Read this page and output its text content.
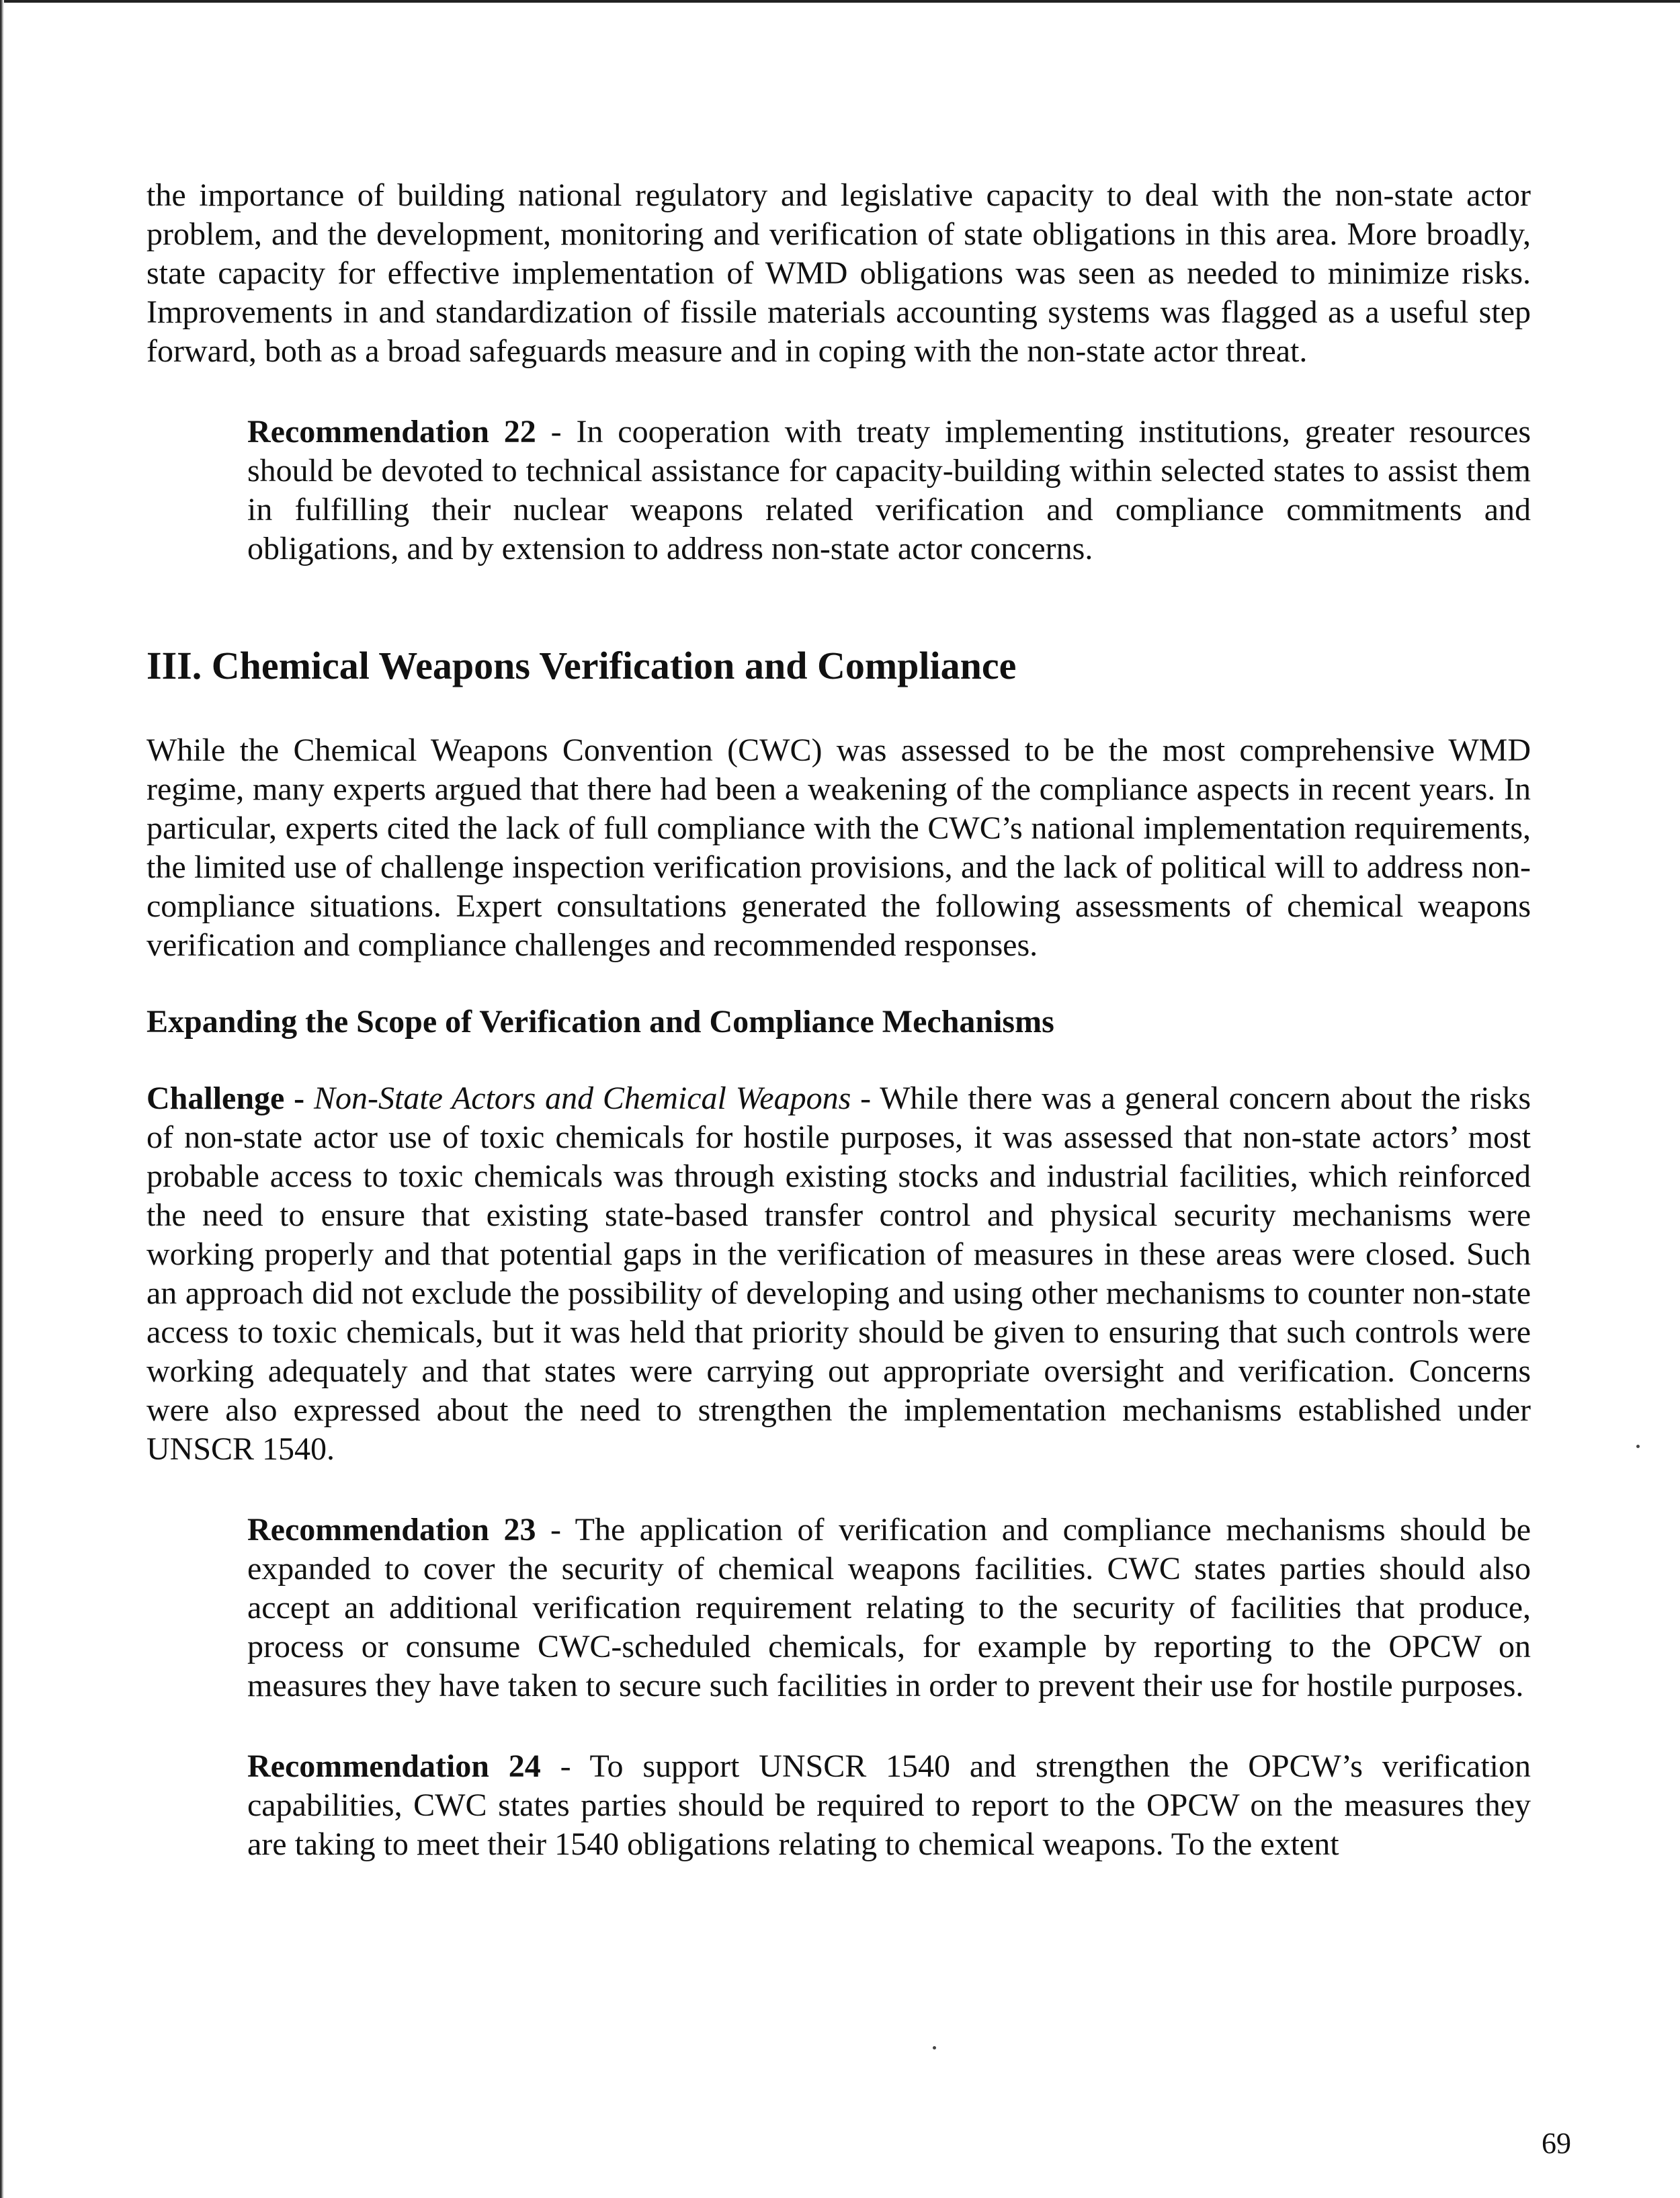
the importance of building national regulatory and legislative capacity to deal with the non-state actor problem, and the development, monitoring and verification of state obligations in this area. More broadly, state capacity for effective implementation of WMD obligations was seen as needed to minimize risks. Improvements in and standardization of fissile materials accounting systems was flagged as a useful step forward, both as a broad safeguards measure and in coping with the non-state actor threat.

Recommendation 22 - In cooperation with treaty implementing institutions, greater resources should be devoted to technical assistance for capacity-building within selected states to assist them in fulfilling their nuclear weapons related verification and compliance commitments and obligations, and by extension to address non-state actor concerns.

III. Chemical Weapons Verification and Compliance

While the Chemical Weapons Convention (CWC) was assessed to be the most comprehensive WMD regime, many experts argued that there had been a weakening of the compliance aspects in recent years. In particular, experts cited the lack of full compliance with the CWC’s national implementation requirements, the limited use of challenge inspection verification provisions, and the lack of political will to address non-compliance situations. Expert consultations generated the following assessments of chemical weapons verification and compliance challenges and recommended responses.

Expanding the Scope of Verification and Compliance Mechanisms

Challenge - Non-State Actors and Chemical Weapons - While there was a general concern about the risks of non-state actor use of toxic chemicals for hostile purposes, it was assessed that non-state actors’ most probable access to toxic chemicals was through existing stocks and industrial facilities, which reinforced the need to ensure that existing state-based transfer control and physical security mechanisms were working properly and that potential gaps in the verification of measures in these areas were closed. Such an approach did not exclude the possibility of developing and using other mechanisms to counter non-state access to toxic chemicals, but it was held that priority should be given to ensuring that such controls were working adequately and that states were carrying out appropriate oversight and verification. Concerns were also expressed about the need to strengthen the implementation mechanisms established under UNSCR 1540.

Recommendation 23 - The application of verification and compliance mechanisms should be expanded to cover the security of chemical weapons facilities. CWC states parties should also accept an additional verification requirement relating to the security of facilities that produce, process or consume CWC-scheduled chemicals, for example by reporting to the OPCW on measures they have taken to secure such facilities in order to prevent their use for hostile purposes.

Recommendation 24 - To support UNSCR 1540 and strengthen the OPCW’s verification capabilities, CWC states parties should be required to report to the OPCW on the measures they are taking to meet their 1540 obligations relating to chemical weapons. To the extent

69
